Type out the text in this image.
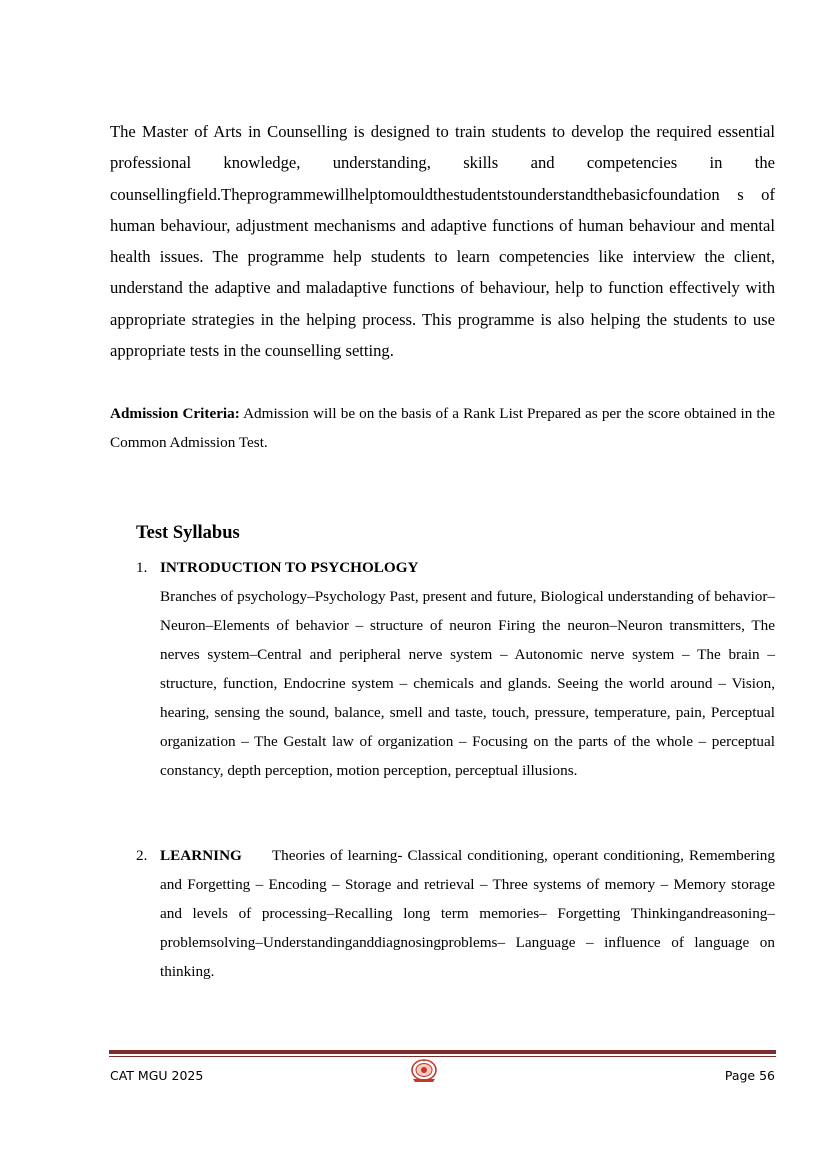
The Master of Arts in Counselling is designed to train students to develop the required essential professional knowledge, understanding, skills and competencies in the counsellingfield.Theprogrammewillhelptomouldthestudentstounderstandthebasicfoundation s of human behaviour, adjustment mechanisms and adaptive functions of human behaviour and mental health issues. The programme help students to learn competencies like interview the client, understand the adaptive and maladaptive functions of behaviour, help to function effectively with appropriate strategies in the helping process. This programme is also helping the students to use appropriate tests in the counselling setting.

Admission Criteria: Admission will be on the basis of a Rank List Prepared as per the score obtained in the Common Admission Test.

Test Syllabus
1. INTRODUCTION TO PSYCHOLOGY

Branches of psychology–Psychology Past, present and future, Biological understanding of behavior–Neuron–Elements of behavior – structure of neuron Firing the neuron–Neuron transmitters, The nerves system–Central and peripheral nerve system – Autonomic nerve system – The brain – structure, function, Endocrine system – chemicals and glands. Seeing the world around – Vision, hearing, sensing the sound, balance, smell and taste, touch, pressure, temperature, pain, Perceptual organization – The Gestalt law of organization – Focusing on the parts of the whole – perceptual constancy, depth perception, motion perception, perceptual illusions.

2. LEARNING Theories of learning- Classical conditioning, operant conditioning, Remembering and Forgetting – Encoding – Storage and retrieval – Three systems of memory – Memory storage and levels of processing–Recalling long term memories– Forgetting Thinkingandreasoning–problemsolving–Understandinganddiagnosingproblems– Language – influence of language on thinking.

CAT MGU 2025	Page 56
